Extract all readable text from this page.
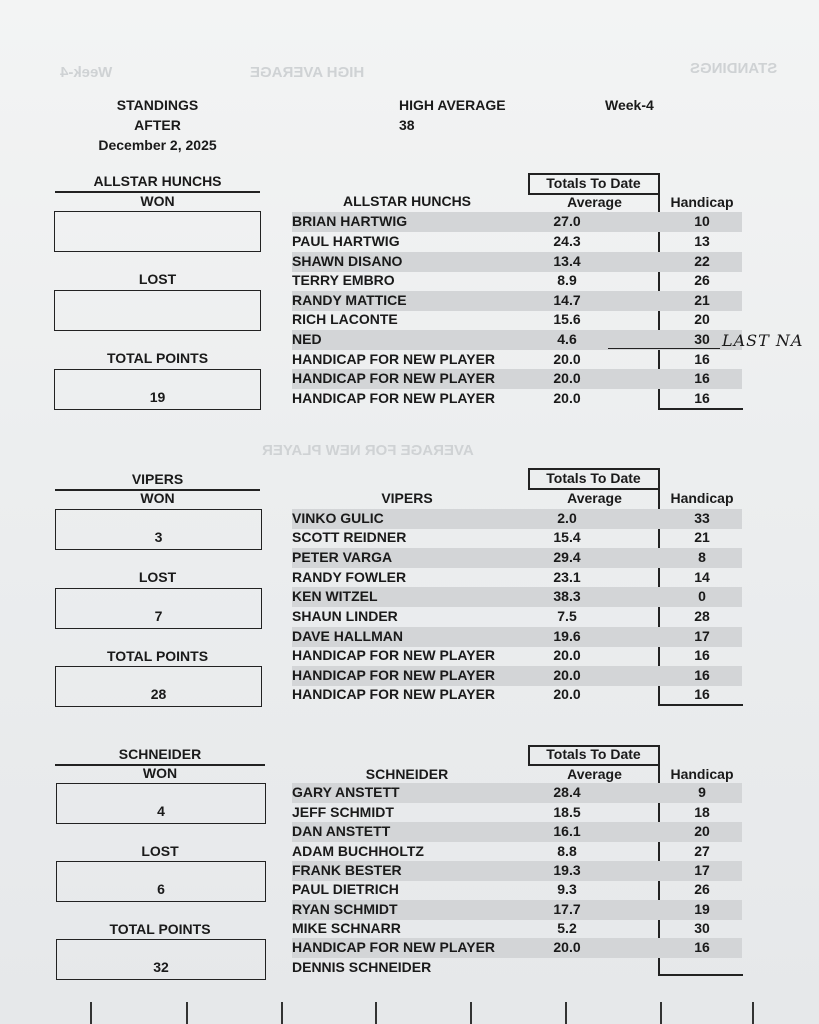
STANDINGS
HIGH AVERAGE
Week-4
AVERAGE FOR NEW PLAYER
STANDINGS
AFTER
December 2, 2025
HIGH AVERAGE
38
Week-4
ALLSTAR HUNCHS
WON
LOST
TOTAL POINTS
19
Totals To Date
ALLSTAR HUNCHS	Average	Handicap
BRIAN HARTWIG	27.0	10
PAUL HARTWIG	24.3	13
SHAWN DISANO	13.4	22
TERRY EMBRO	8.9	26
RANDY MATTICE	14.7	21
RICH LACONTE	15.6	20
NED	4.6	30
HANDICAP FOR NEW PLAYER	20.0	16
HANDICAP FOR NEW PLAYER	20.0	16
HANDICAP FOR NEW PLAYER	20.0	16
LAST NA
VIPERS
WON
3
LOST
7
TOTAL POINTS
28
Totals To Date
VIPERS	Average	Handicap
VINKO GULIC	2.0	33
SCOTT REIDNER	15.4	21
PETER VARGA	29.4	8
RANDY FOWLER	23.1	14
KEN WITZEL	38.3	0
SHAUN LINDER	7.5	28
DAVE HALLMAN	19.6	17
HANDICAP FOR NEW PLAYER	20.0	16
HANDICAP FOR NEW PLAYER	20.0	16
HANDICAP FOR NEW PLAYER	20.0	16
SCHNEIDER
WON
4
LOST
6
TOTAL POINTS
32
Totals To Date
SCHNEIDER	Average	Handicap
GARY ANSTETT	28.4	9
JEFF SCHMIDT	18.5	18
DAN ANSTETT	16.1	20
ADAM BUCHHOLTZ	8.8	27
FRANK BESTER	19.3	17
PAUL DIETRICH	9.3	26
RYAN SCHMIDT	17.7	19
MIKE SCHNARR	5.2	30
HANDICAP FOR NEW PLAYER	20.0	16
DENNIS SCHNEIDER
